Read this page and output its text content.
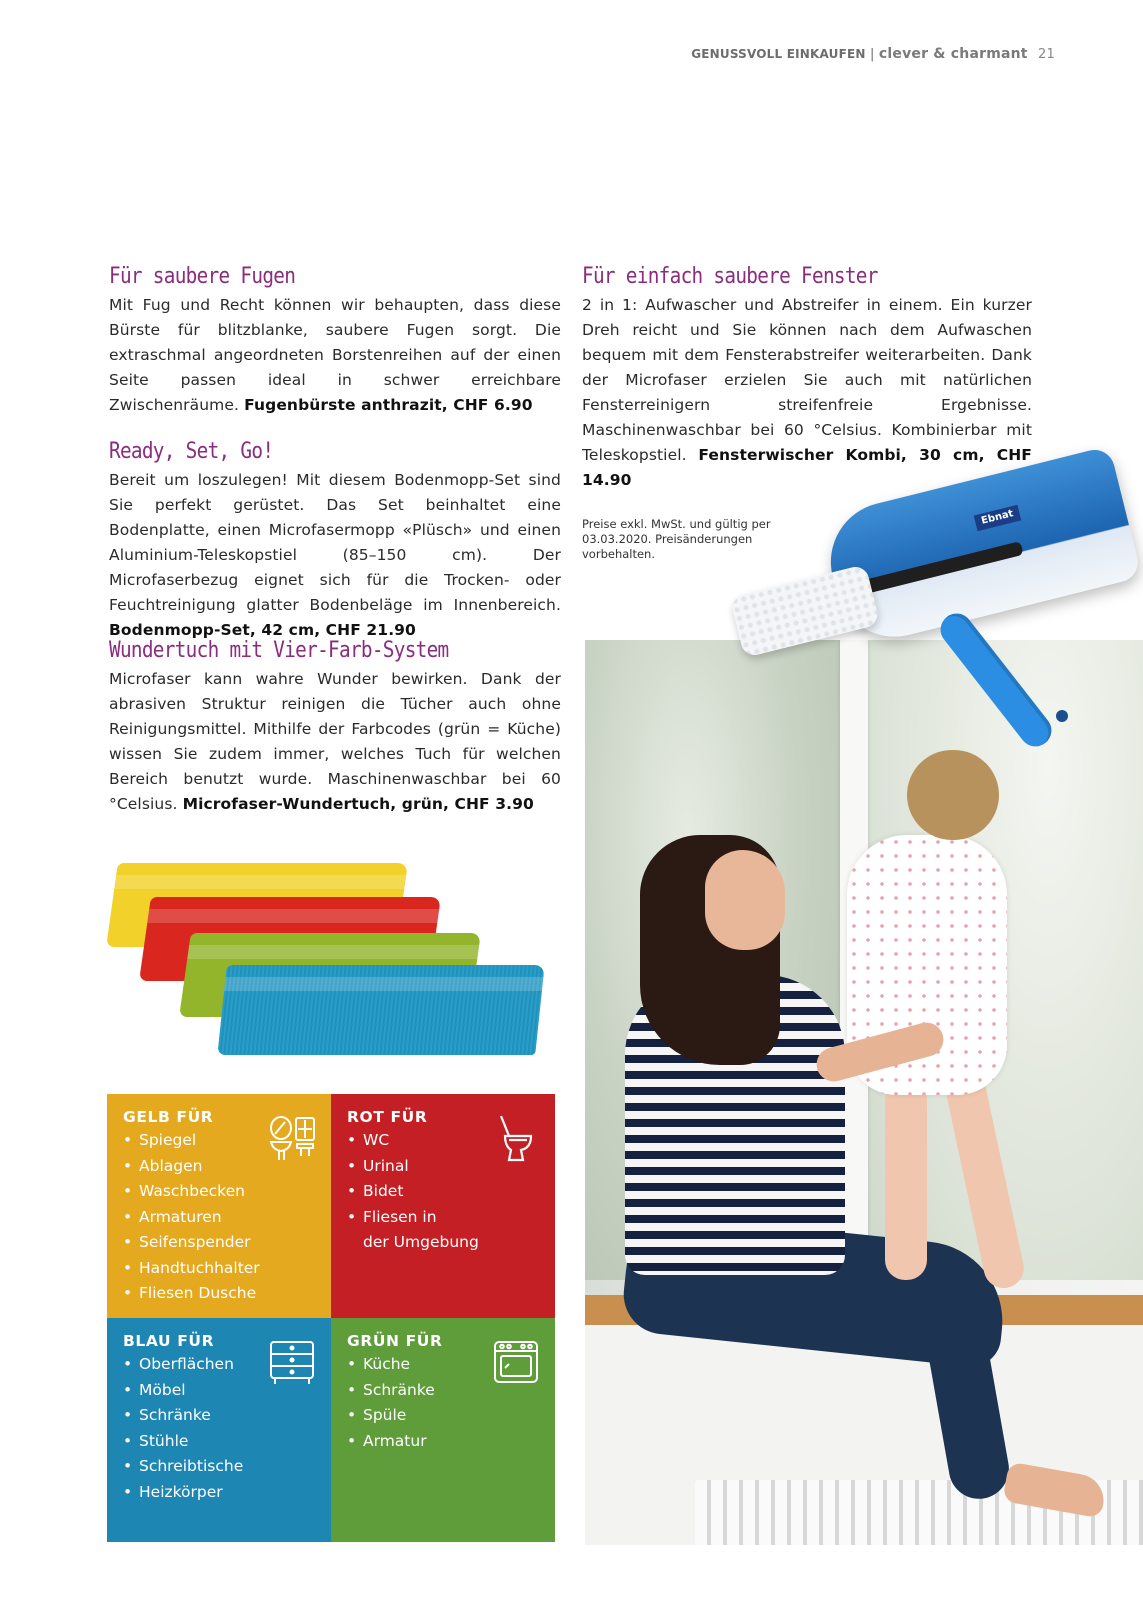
GENUSSVOLL EINKAUFEN | clever & charmant 21
Für saubere Fugen

Mit Fug und Recht können wir behaupten, dass diese Bürste für blitzblanke, saubere Fugen sorgt. Die extraschmal angeordneten Borstenreihen auf der einen Seite passen ideal in schwer erreichbare Zwischenräume. Fugenbürste anthrazit, CHF 6.90

Ready, Set, Go!

Bereit um loszulegen! Mit diesem Bodenmopp-Set sind Sie perfekt gerüstet. Das Set beinhaltet eine Bodenplatte, einen Microfasermopp «Plüsch» und einen Aluminium-Teleskopstiel (85–150 cm). Der Microfaserbezug eignet sich für die Trocken- oder Feuchtreinigung glatter Bodenbeläge im Innenbereich. Bodenmopp-Set, 42 cm, CHF 21.90

Wundertuch mit Vier-Farb-System

Microfaser kann wahre Wunder bewirken. Dank der abrasiven Struktur reinigen die Tücher auch ohne Reinigungsmittel. Mithilfe der Farbcodes (grün = Küche) wissen Sie zudem immer, welches Tuch für welchen Bereich benutzt wurde. Maschinenwaschbar bei 60 °Celsius. Microfaser-Wundertuch, grün, CHF 3.90

Für einfach saubere Fenster

2 in 1: Aufwascher und Abstreifer in einem. Ein kurzer Dreh reicht und Sie können nach dem Aufwaschen bequem mit dem Fensterabstreifer weiterarbeiten. Dank der Microfaser erzielen Sie auch mit natürlichen Fensterreinigern streifenfreie Ergebnisse. Maschinenwaschbar bei 60 °Celsius. Kombinierbar mit Teleskopstiel. Fensterwischer Kombi, 30 cm, CHF 14.90

Preise exkl. MwSt. und gültig per 03.03.2020. Preisänderungen vorbehalten.
GELB FÜR
• Spiegel
• Ablagen
• Waschbecken
• Armaturen
• Seifenspender
• Handtuchhalter
• Fliesen Dusche
ROT FÜR
• WC
• Urinal
• Bidet
• Fliesen in
der Umgebung
BLAU FÜR
• Oberflächen
• Möbel
• Schränke
• Stühle
• Schreibtische
• Heizkörper
GRÜN FÜR
• Küche
• Schränke
• Spüle
• Armatur
Ebnat
